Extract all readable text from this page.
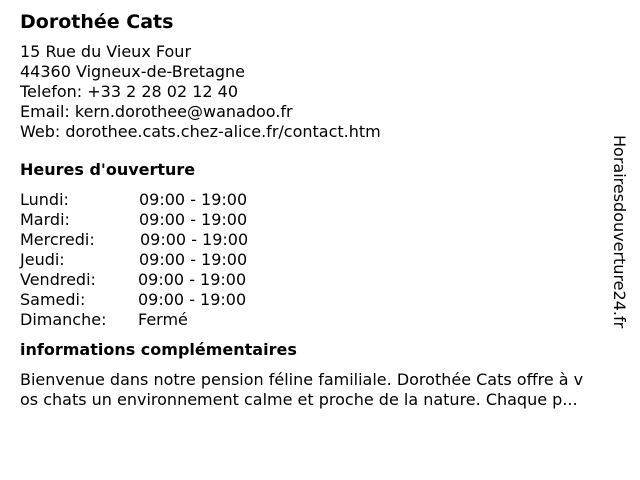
Dorothée Cats
15 Rue du Vieux Four
44360 Vigneux-de-Bretagne
Telefon: +33 2 28 02 12 40
Email: kern.dorothee@wanadoo.fr
Web: dorothee.cats.chez-alice.fr/contact.htm
Heures d'ouverture
Lundi:	09:00 - 19:00
Mardi:	09:00 - 19:00
Mercredi:	09:00 - 19:00
Jeudi:	09:00 - 19:00
Vendredi:	09:00 - 19:00
Samedi:	09:00 - 19:00
Dimanche:	Fermé
informations complémentaires
Bienvenue dans notre pension féline familiale. Dorothée Cats offre à v
os chats un environnement calme et proche de la nature. Chaque p...
Horairesdouverture24.fr
